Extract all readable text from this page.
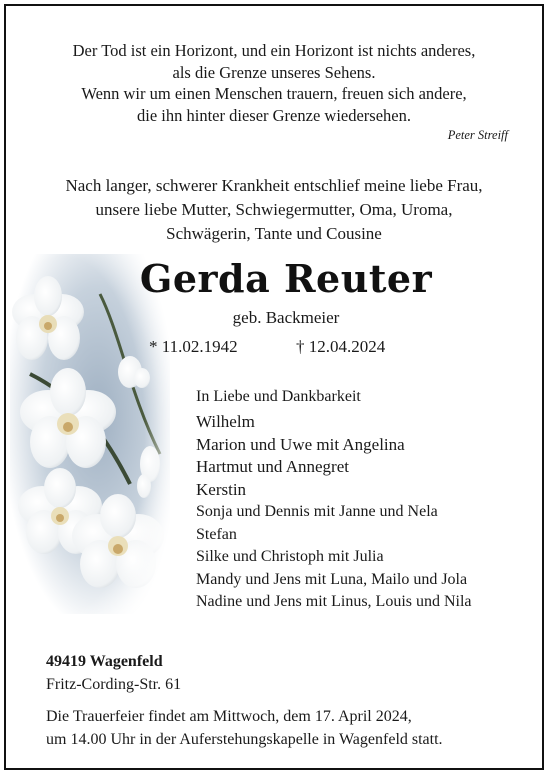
Der Tod ist ein Horizont, und ein Horizont ist nichts anderes,
als die Grenze unseres Sehens.
Wenn wir um einen Menschen trauern, freuen sich andere,
die ihn hinter dieser Grenze wiedersehen.
Peter Streiff
Nach langer, schwerer Krankheit entschlief meine liebe Frau,
unsere liebe Mutter, Schwiegermutter, Oma, Uroma,
Schwägerin, Tante und Cousine
Gerda Reuter
geb. Backmeier
* 11.02.1942	† 12.04.2024
In Liebe und Dankbarkeit
Wilhelm
Marion und Uwe mit Angelina
Hartmut und Annegret
Kerstin
Sonja und Dennis mit Janne und Nela
Stefan
Silke und Christoph mit Julia
Mandy und Jens mit Luna, Mailo und Jola
Nadine und Jens mit Linus, Louis und Nila
49419 Wagenfeld
Fritz-Cording-Str. 61
Die Trauerfeier findet am Mittwoch, dem 17. April 2024,
um 14.00 Uhr in der Auferstehungskapelle in Wagenfeld statt.
